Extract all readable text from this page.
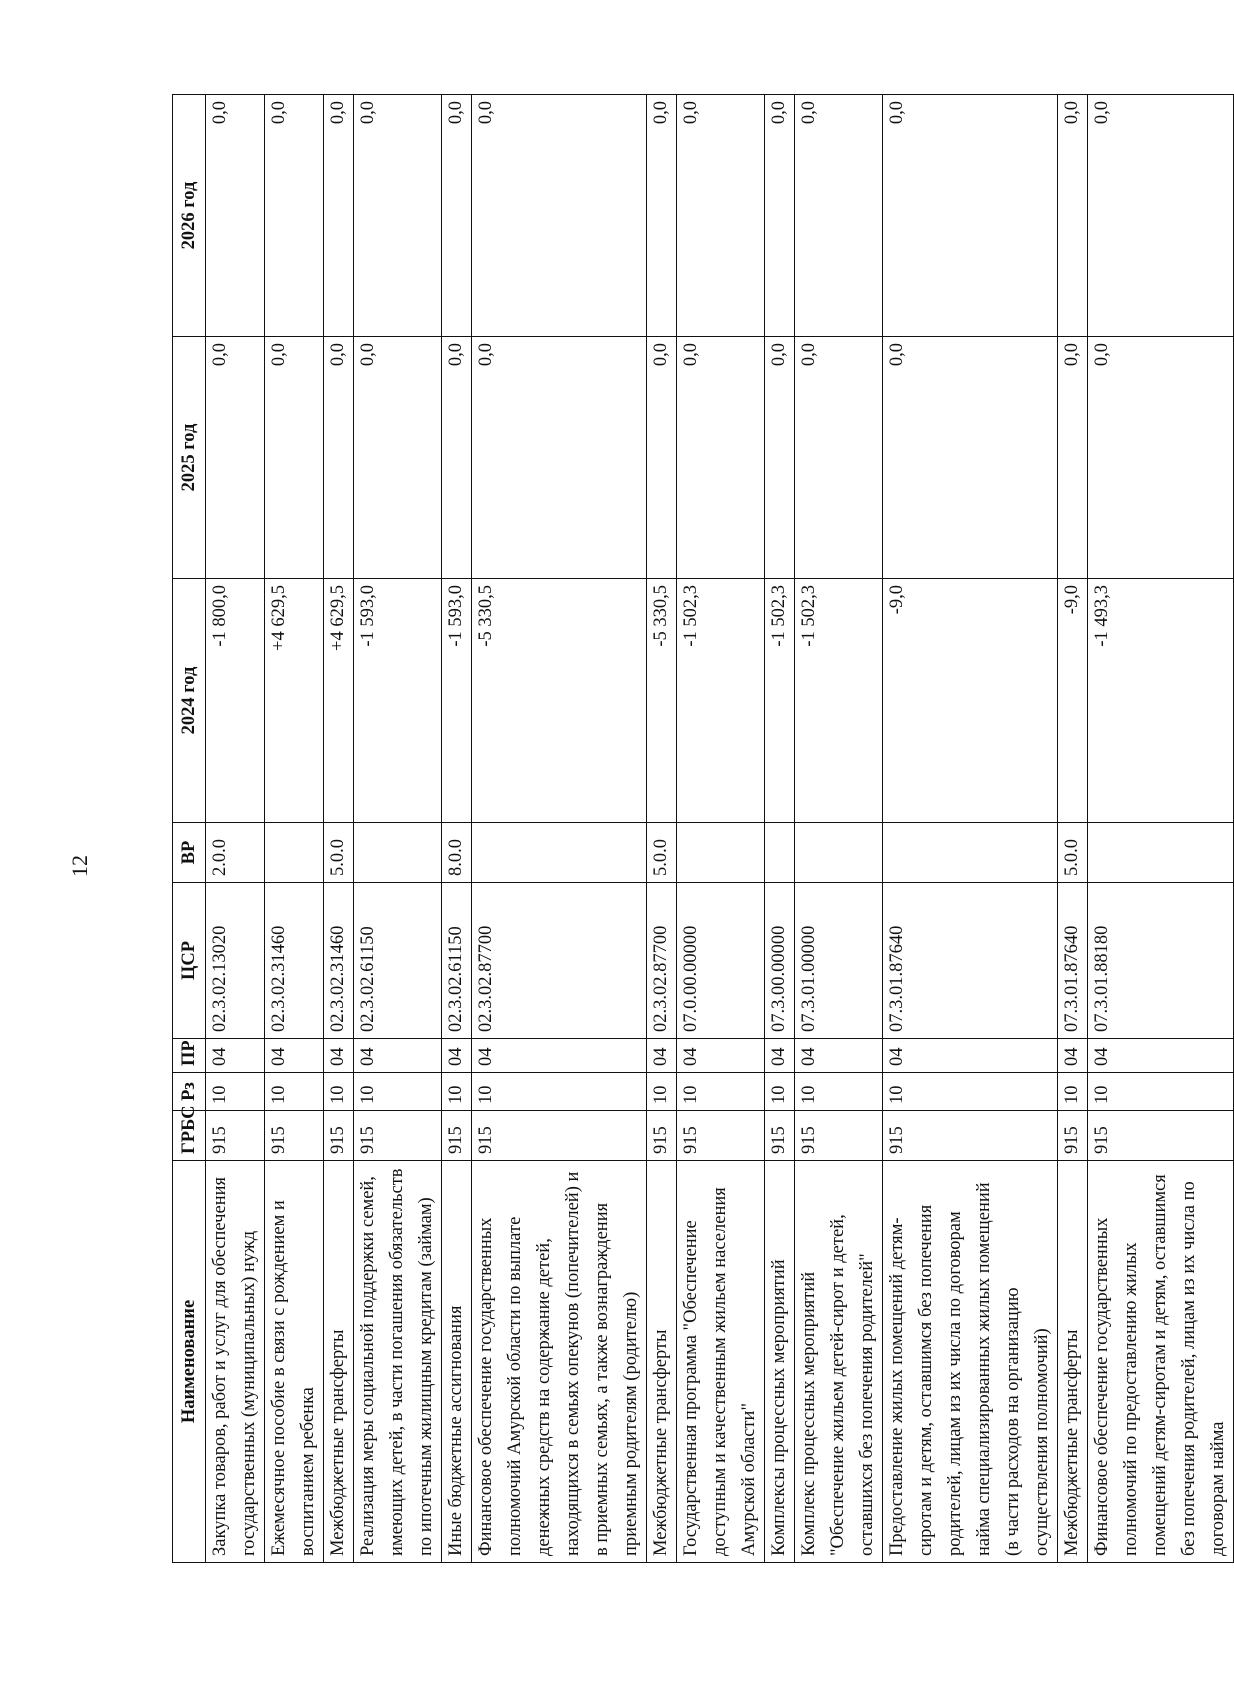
12
Наименование	ГРБС	Рз	ПР	ЦСР	ВР	2024 год	2025 год	2026 год
Закупка товаров, работ и услуг для обеспечения государственных (муниципальных) нужд	915	10	04	02.3.02.13020	2.0.0	-1 800,0	0,0	0,0
Ежемесячное пособие в связи с рождением и воспитанием ребенка	915	10	04	02.3.02.31460		+4 629,5	0,0	0,0
Межбюджетные трансферты	915	10	04	02.3.02.31460	5.0.0	+4 629,5	0,0	0,0
Реализация меры социальной поддержки семей, имеющих детей, в части погашения обязательств по ипотечным жилищным кредитам (займам)	915	10	04	02.3.02.61150		-1 593,0	0,0	0,0
Иные бюджетные ассигнования	915	10	04	02.3.02.61150	8.0.0	-1 593,0	0,0	0,0
Финансовое обеспечение государственных полномочий Амурской области по выплате денежных средств на содержание детей, находящихся в семьях опекунов (попечителей) и в приемных семьях, а также вознаграждения приемным родителям (родителю)	915	10	04	02.3.02.87700		-5 330,5	0,0	0,0
Межбюджетные трансферты	915	10	04	02.3.02.87700	5.0.0	-5 330,5	0,0	0,0
Государственная программа "Обеспечение доступным и качественным жильем населения Амурской области"	915	10	04	07.0.00.00000		-1 502,3	0,0	0,0
Комплексы процессных мероприятий	915	10	04	07.3.00.00000		-1 502,3	0,0	0,0
Комплекс процессных мероприятий "Обеспечение жильем детей-сирот и детей, оставшихся без попечения родителей"	915	10	04	07.3.01.00000		-1 502,3	0,0	0,0
Предоставление жилых помещений детям-сиротам и детям, оставшимся без попечения родителей, лицам из их числа по договорам найма специализированных жилых помещений (в части расходов на организацию осуществления полномочий)	915	10	04	07.3.01.87640		-9,0	0,0	0,0
Межбюджетные трансферты	915	10	04	07.3.01.87640	5.0.0	-9,0	0,0	0,0
Финансовое обеспечение государственных полномочий по предоставлению жилых помещений детям-сиротам и детям, оставшимся без попечения родителей, лицам из их числа по договорам найма	915	10	04	07.3.01.88180		-1 493,3	0,0	0,0
